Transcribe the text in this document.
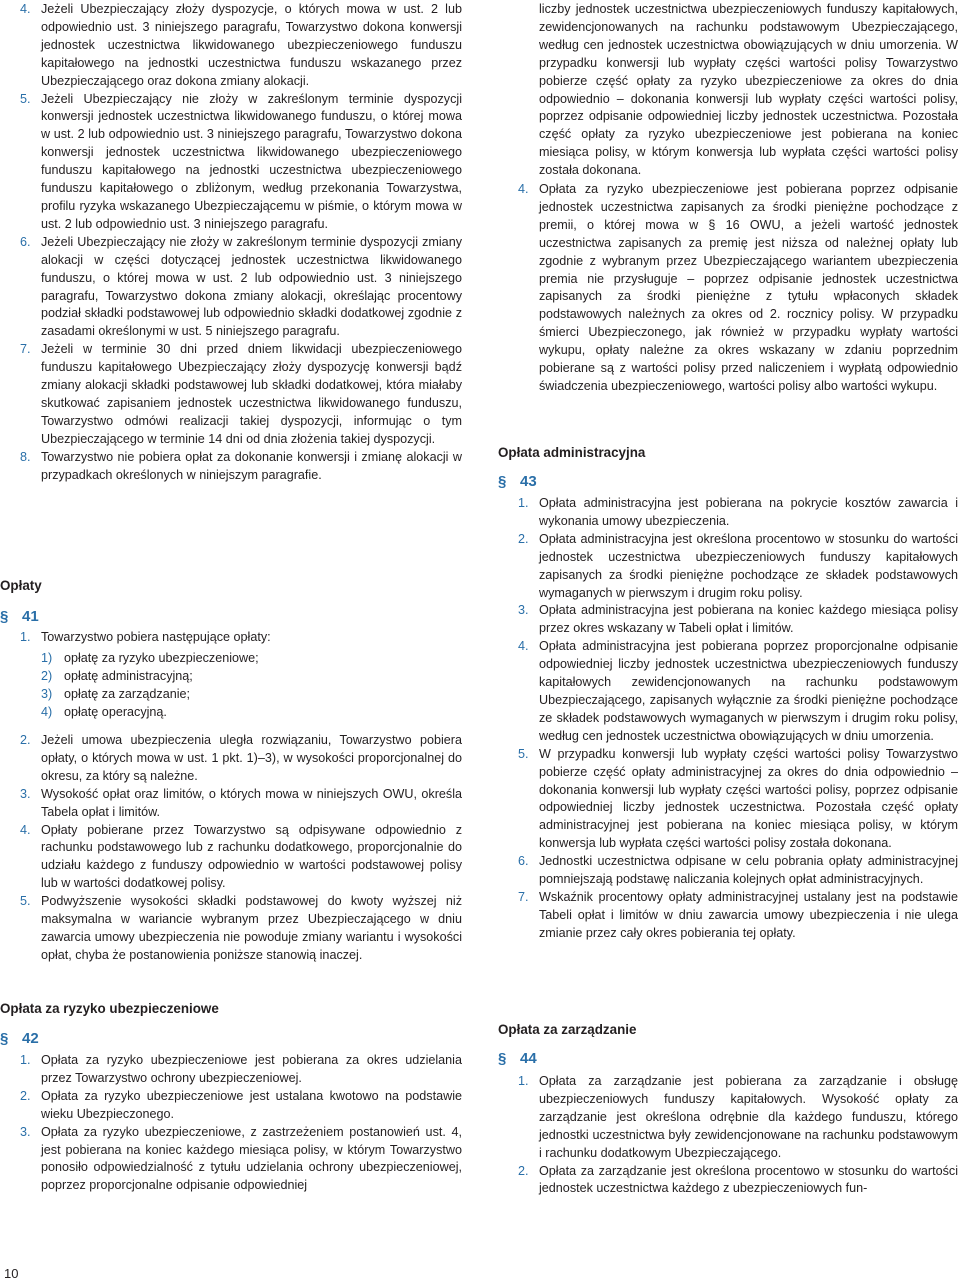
4. Jeżeli Ubezpieczający złoży dyspozycje, o których mowa w ust. 2 lub odpowiednio ust. 3 niniejszego paragrafu, Towarzystwo dokona konwersji jednostek uczestnictwa likwidowanego ubezpieczeniowego funduszu kapitałowego na jednostki uczestnictwa funduszu wskazanego przez Ubezpieczającego oraz dokona zmiany alokacji.
5. Jeżeli Ubezpieczający nie złoży w zakreślonym terminie dyspozycji konwersji jednostek uczestnictwa likwidowanego funduszu, o której mowa w ust. 2 lub odpowiednio ust. 3 niniejszego paragrafu, Towarzystwo dokona konwersji jednostek uczestnictwa likwidowanego ubezpieczeniowego funduszu kapitałowego na jednostki uczestnictwa ubezpieczeniowego funduszu kapitałowego o zbliżonym, według przekonania Towarzystwa, profilu ryzyka wskazanego Ubezpieczającemu w piśmie, o którym mowa w ust. 2 lub odpowiednio ust. 3 niniejszego paragrafu.
6. Jeżeli Ubezpieczający nie złoży w zakreślonym terminie dyspozycji zmiany alokacji w części dotyczącej jednostek uczestnictwa likwidowanego funduszu, o której mowa w ust. 2 lub odpowiednio ust. 3 niniejszego paragrafu, Towarzystwo dokona zmiany alokacji, określając procentowy podział składki podstawowej lub odpowiednio składki dodatkowej zgodnie z zasadami określonymi w ust. 5 niniejszego paragrafu.
7. Jeżeli w terminie 30 dni przed dniem likwidacji ubezpieczeniowego funduszu kapitałowego Ubezpieczający złoży dyspozycję konwersji bądź zmiany alokacji składki podstawowej lub składki dodatkowej, która miałaby skutkować zapisaniem jednostek uczestnictwa likwidowanego funduszu, Towarzystwo odmówi realizacji takiej dyspozycji, informując o tym Ubezpieczającego w terminie 14 dni od dnia złożenia takiej dyspozycji.
8. Towarzystwo nie pobiera opłat za dokonanie konwersji i zmianę alokacji w przypadkach określonych w niniejszym paragrafie.
Opłaty
§ 41
1. Towarzystwo pobiera następujące opłaty:
1) opłatę za ryzyko ubezpieczeniowe;
2) opłatę administracyjną;
3) opłatę za zarządzanie;
4) opłatę operacyjną.
2. Jeżeli umowa ubezpieczenia uległa rozwiązaniu, Towarzystwo pobiera opłaty, o których mowa w ust. 1 pkt. 1)–3), w wysokości proporcjonalnej do okresu, za który są należne.
3. Wysokość opłat oraz limitów, o których mowa w niniejszych OWU, określa Tabela opłat i limitów.
4. Opłaty pobierane przez Towarzystwo są odpisywane odpowiednio z rachunku podstawowego lub z rachunku dodatkowego, proporcjonalnie do udziału każdego z funduszy odpowiednio w wartości podstawowej polisy lub w wartości dodatkowej polisy.
5. Podwyższenie wysokości składki podstawowej do kwoty wyższej niż maksymalna w wariancie wybranym przez Ubezpieczającego w dniu zawarcia umowy ubezpieczenia nie powoduje zmiany wariantu i wysokości opłat, chyba że postanowienia poniższe stanowią inaczej.
Opłata za ryzyko ubezpieczeniowe
§ 42
1. Opłata za ryzyko ubezpieczeniowe jest pobierana za okres udzielania przez Towarzystwo ochrony ubezpieczeniowej.
2. Opłata za ryzyko ubezpieczeniowe jest ustalana kwotowo na podstawie wieku Ubezpieczonego.
3. Opłata za ryzyko ubezpieczeniowe, z zastrzeżeniem postanowień ust. 4, jest pobierana na koniec każdego miesiąca polisy, w którym Towarzystwo ponosiło odpowiedzialność z tytułu udzielania ochrony ubezpieczeniowej, poprzez proporcjonalne odpisanie odpowiedniej
liczby jednostek uczestnictwa ubezpieczeniowych funduszy kapitałowych, zewidencjonowanych na rachunku podstawowym Ubezpieczającego, według cen jednostek uczestnictwa obowiązujących w dniu umorzenia. W przypadku konwersji lub wypłaty części wartości polisy Towarzystwo pobierze część opłaty za ryzyko ubezpieczeniowe za okres do dnia odpowiednio – dokonania konwersji lub wypłaty części wartości polisy, poprzez odpisanie odpowiedniej liczby jednostek uczestnictwa. Pozostała część opłaty za ryzyko ubezpieczeniowe jest pobierana na koniec miesiąca polisy, w którym konwersja lub wypłata części wartości polisy została dokonana.
4. Opłata za ryzyko ubezpieczeniowe jest pobierana poprzez odpisanie jednostek uczestnictwa zapisanych za środki pieniężne pochodzące z premii, o której mowa w § 16 OWU, a jeżeli wartość jednostek uczestnictwa zapisanych za premię jest niższa od należnej opłaty lub zgodnie z wybranym przez Ubezpieczającego wariantem ubezpieczenia premia nie przysługuje – poprzez odpisanie jednostek uczestnictwa zapisanych za środki pieniężne z tytułu wpłaconych składek podstawowych należnych za okres od 2. rocznicy polisy. W przypadku śmierci Ubezpieczonego, jak również w przypadku wypłaty wartości wykupu, opłaty należne za okres wskazany w zdaniu poprzednim pobierane są z wartości polisy przed naliczeniem i wypłatą odpowiednio świadczenia ubezpieczeniowego, wartości polisy albo wartości wykupu.
Opłata administracyjna
§ 43
1. Opłata administracyjna jest pobierana na pokrycie kosztów zawarcia i wykonania umowy ubezpieczenia.
2. Opłata administracyjna jest określona procentowo w stosunku do wartości jednostek uczestnictwa ubezpieczeniowych funduszy kapitałowych zapisanych za środki pieniężne pochodzące ze składek podstawowych wymaganych w pierwszym i drugim roku polisy.
3. Opłata administracyjna jest pobierana na koniec każdego miesiąca polisy przez okres wskazany w Tabeli opłat i limitów.
4. Opłata administracyjna jest pobierana poprzez proporcjonalne odpisanie odpowiedniej liczby jednostek uczestnictwa ubezpieczeniowych funduszy kapitałowych zewidencjonowanych na rachunku podstawowym Ubezpieczającego, zapisanych wyłącznie za środki pieniężne pochodzące ze składek podstawowych wymaganych w pierwszym i drugim roku polisy, według cen jednostek uczestnictwa obowiązujących w dniu umorzenia.
5. W przypadku konwersji lub wypłaty części wartości polisy Towarzystwo pobierze część opłaty administracyjnej za okres do dnia odpowiednio – dokonania konwersji lub wypłaty części wartości polisy, poprzez odpisanie odpowiedniej liczby jednostek uczestnictwa. Pozostała część opłaty administracyjnej jest pobierana na koniec miesiąca polisy, w którym konwersja lub wypłata części wartości polisy została dokonana.
6. Jednostki uczestnictwa odpisane w celu pobrania opłaty administracyjnej pomniejszają podstawę naliczania kolejnych opłat administracyjnych.
7. Wskaźnik procentowy opłaty administracyjnej ustalany jest na podstawie Tabeli opłat i limitów w dniu zawarcia umowy ubezpieczenia i nie ulega zmianie przez cały okres pobierania tej opłaty.
Opłata za zarządzanie
§ 44
1. Opłata za zarządzanie jest pobierana za zarządzanie i obsługę ubezpieczeniowych funduszy kapitałowych. Wysokość opłaty za zarządzanie jest określona odrębnie dla każdego funduszu, którego jednostki uczestnictwa były zewidencjonowane na rachunku podstawowym i rachunku dodatkowym Ubezpieczającego.
2. Opłata za zarządzanie jest określona procentowo w stosunku do wartości jednostek uczestnictwa każdego z ubezpieczeniowych fun-
10
